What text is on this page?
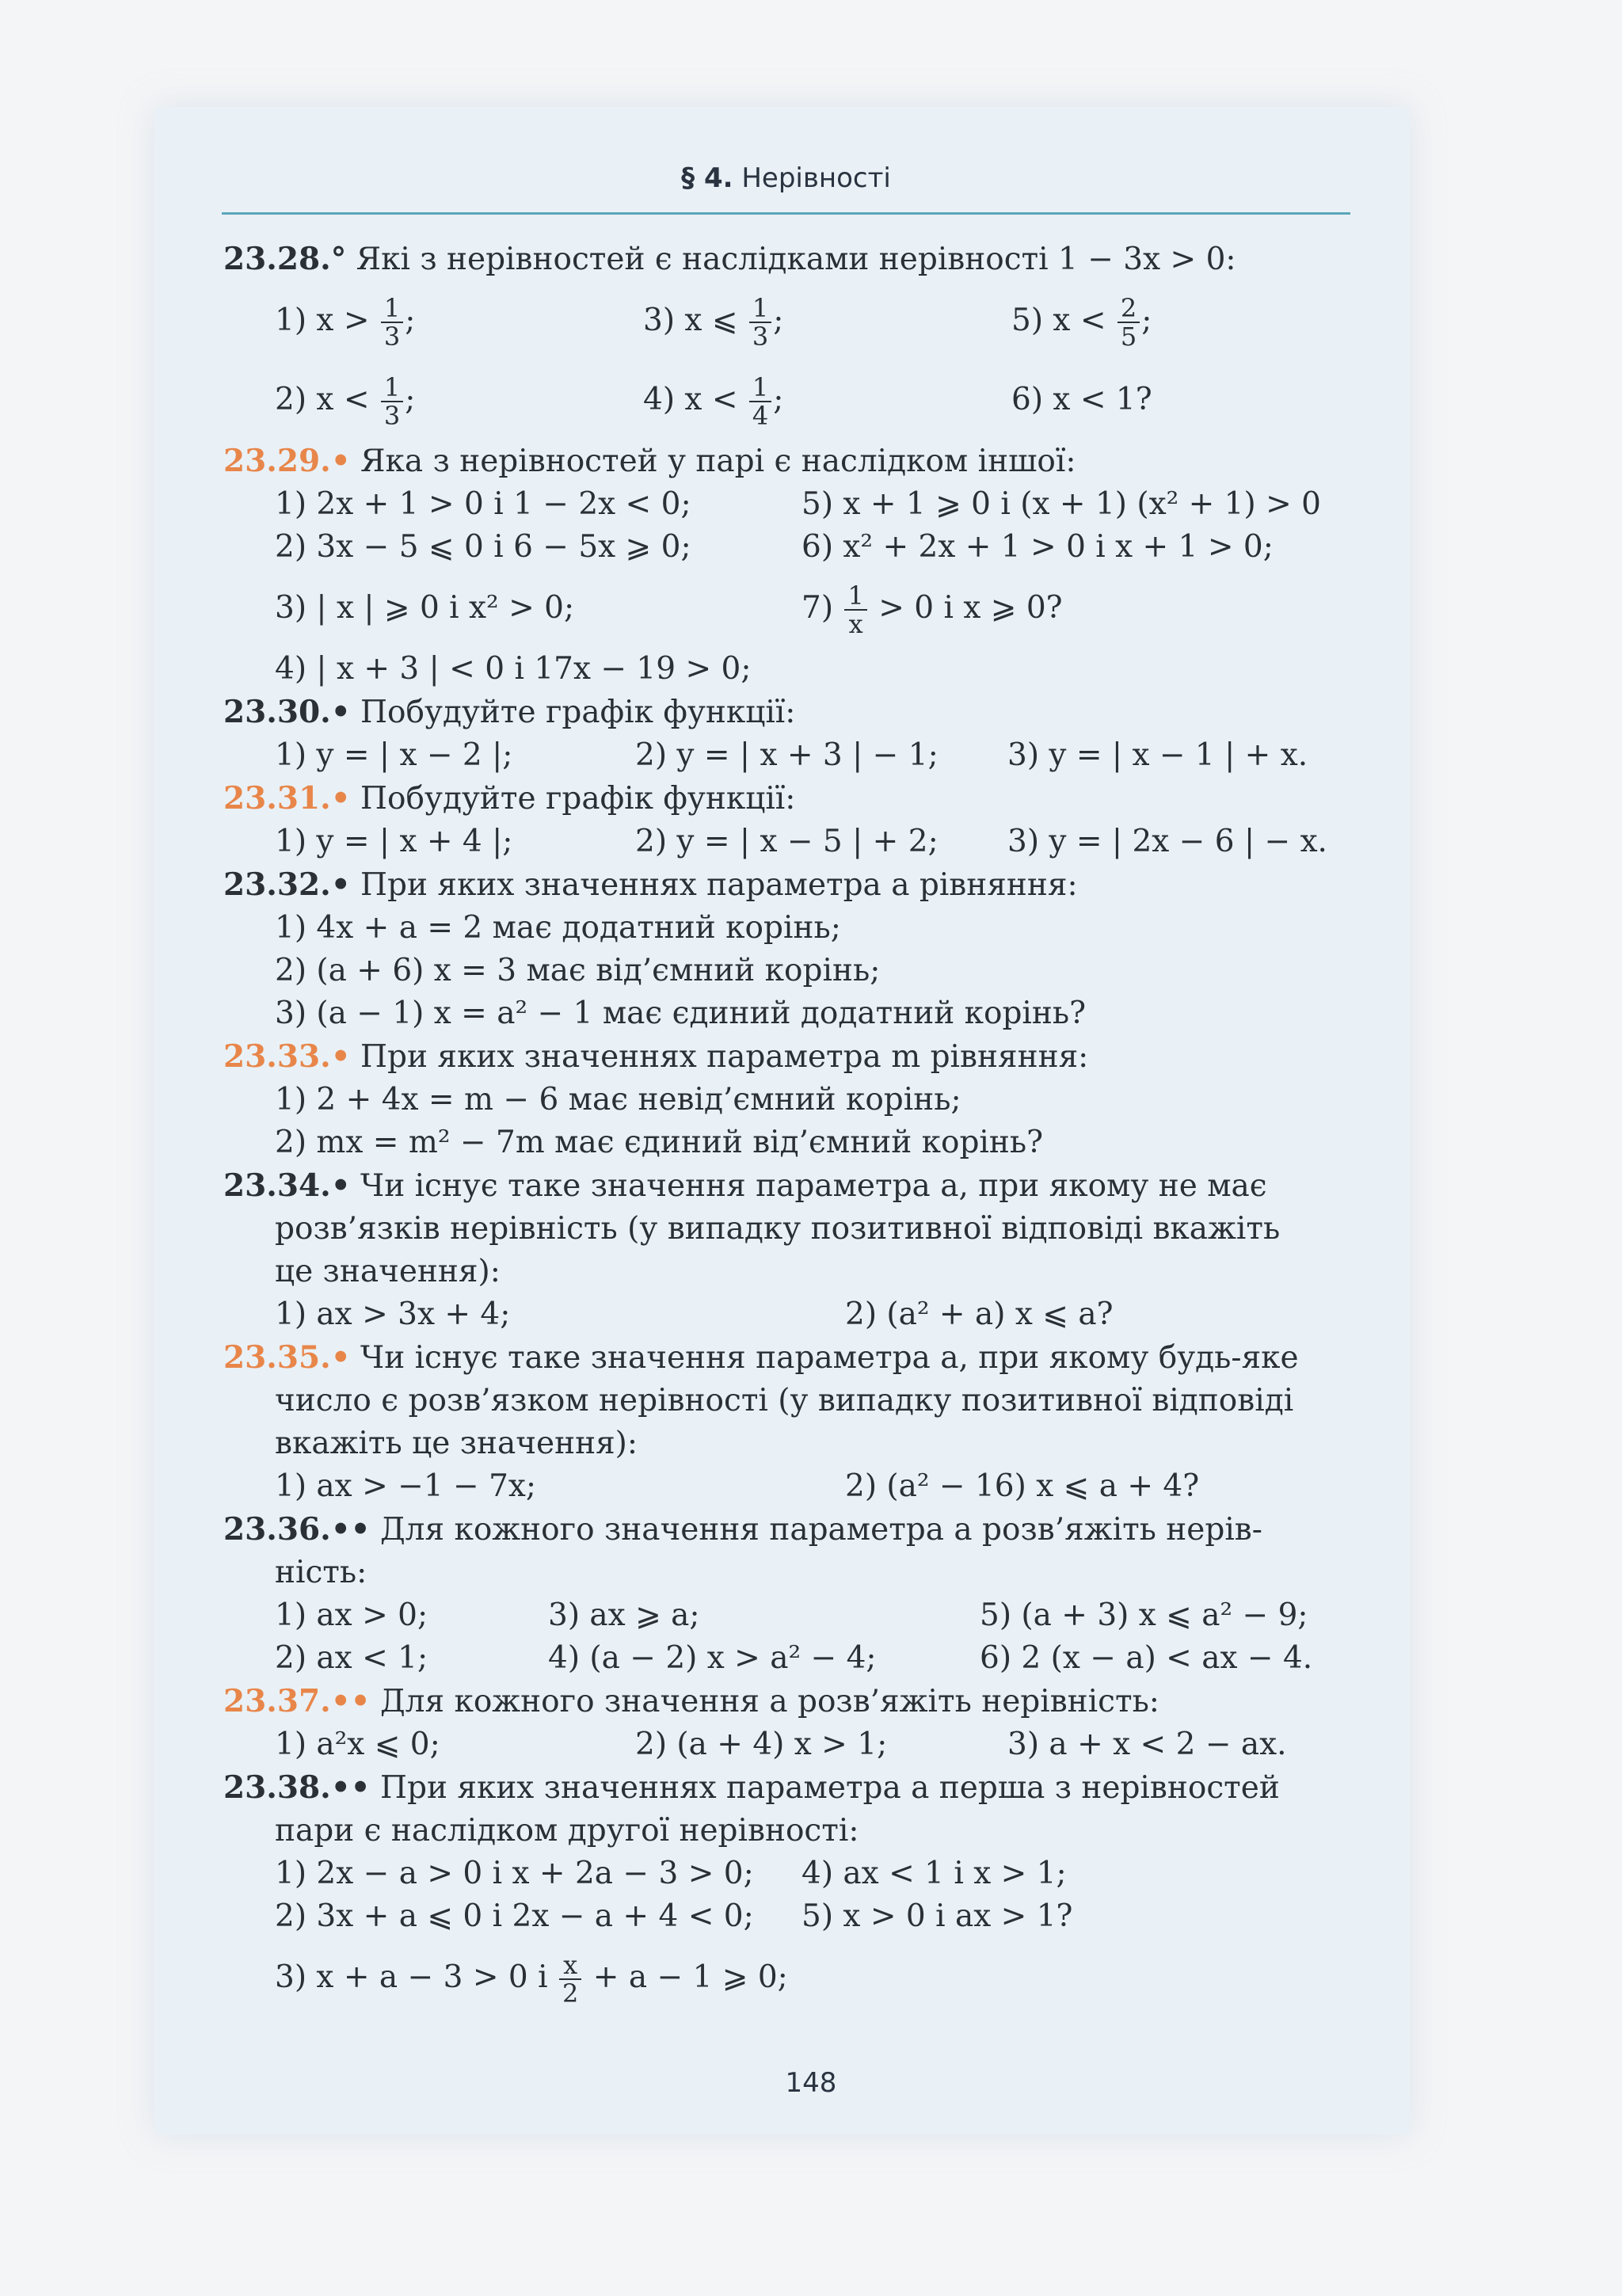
§ 4. Нерівності
23.28.° Які з нерівностей є наслідками нерівності 1 − 3x > 0:
1) $x > \frac{1}{3}$ ;	3) x ⩽ $\frac{1}{3}$ ;	5) $x < \frac{2}{5}$ ;
2) $x < \frac{1}{3}$ ;	4) $x < \frac{1}{4}$ ;	6) x < 1?
23.29.• Яка з нерівностей у парі є наслідком іншої:
1) 2x + 1 > 0 і 1 − 2x < 0;	5) x + 1 ⩾ 0 і (x + 1) (x² + 1) > 0
2) 3x − 5 ⩽ 0 і 6 − 5x ⩾ 0;	6) x² + 2x + 1 > 0 і x + 1 > 0;
3) | x | ⩾ 0 і x² > 0;	$7) \frac{1}{x} > 0$ і x ⩾ 0?
4) | x + 3 | < 0 і 17x − 19 > 0;
23.30.• Побудуйте графік функції:
1) y = | x − 2 |;	2) y = | x + 3 | − 1;	3) y = | x − 1 | + x.
23.31.• Побудуйте графік функції:
1) y = | x + 4 |;	2) y = | x − 5 | + 2;	3) y = | 2x − 6 | − x.
23.32.• При яких значеннях параметра a рівняння:
1) 4x + a = 2 має додатний корінь;
2) (a + 6) x = 3 має від’ємний корінь;
3) (a − 1) x = a² − 1 має єдиний додатний корінь?
23.33.• При яких значеннях параметра m рівняння:
1) 2 + 4x = m − 6 має невід’ємний корінь;
2) mx = m² − 7m має єдиний від’ємний корінь?
23.34.• Чи існує таке значення параметра a, при якому не має
розв’язків нерівність (у випадку позитивної відповіді вкажіть
це значення):
1) ax > 3x + 4;	2) (a² + a) x ⩽ a?
23.35.• Чи існує таке значення параметра a, при якому будь-яке
число є розв’язком нерівності (у випадку позитивної відповіді
вкажіть це значення):
1) ax > −1 − 7x;	2) (a² − 16) x ⩽ a + 4?
23.36.•• Для кожного значення параметра a розв’яжіть нерів-
ність:
1) ax > 0;	3) ax ⩾ a;	5) (a + 3) x ⩽ a² − 9;
2) ax < 1;	4) (a − 2) x > a² − 4;	6) 2 (x − a) < ax − 4.
23.37.•• Для кожного значення a розв’яжіть нерівність:
1) a²x ⩽ 0;	2) (a + 4) x > 1;	3) a + x < 2 − ax.
23.38.•• При яких значеннях параметра a перша з нерівностей
пари є наслідком другої нерівності:
1) 2x − a > 0 і x + 2a − 3 > 0;	4) ax < 1 і x > 1;
2) 3x + a ⩽ 0 і 2x − a + 4 < 0;	5) x > 0 і ax > 1?
3) x + a − 3 > 0 і $\frac{x}{2} + a - 1$ ⩾ 0;
148
